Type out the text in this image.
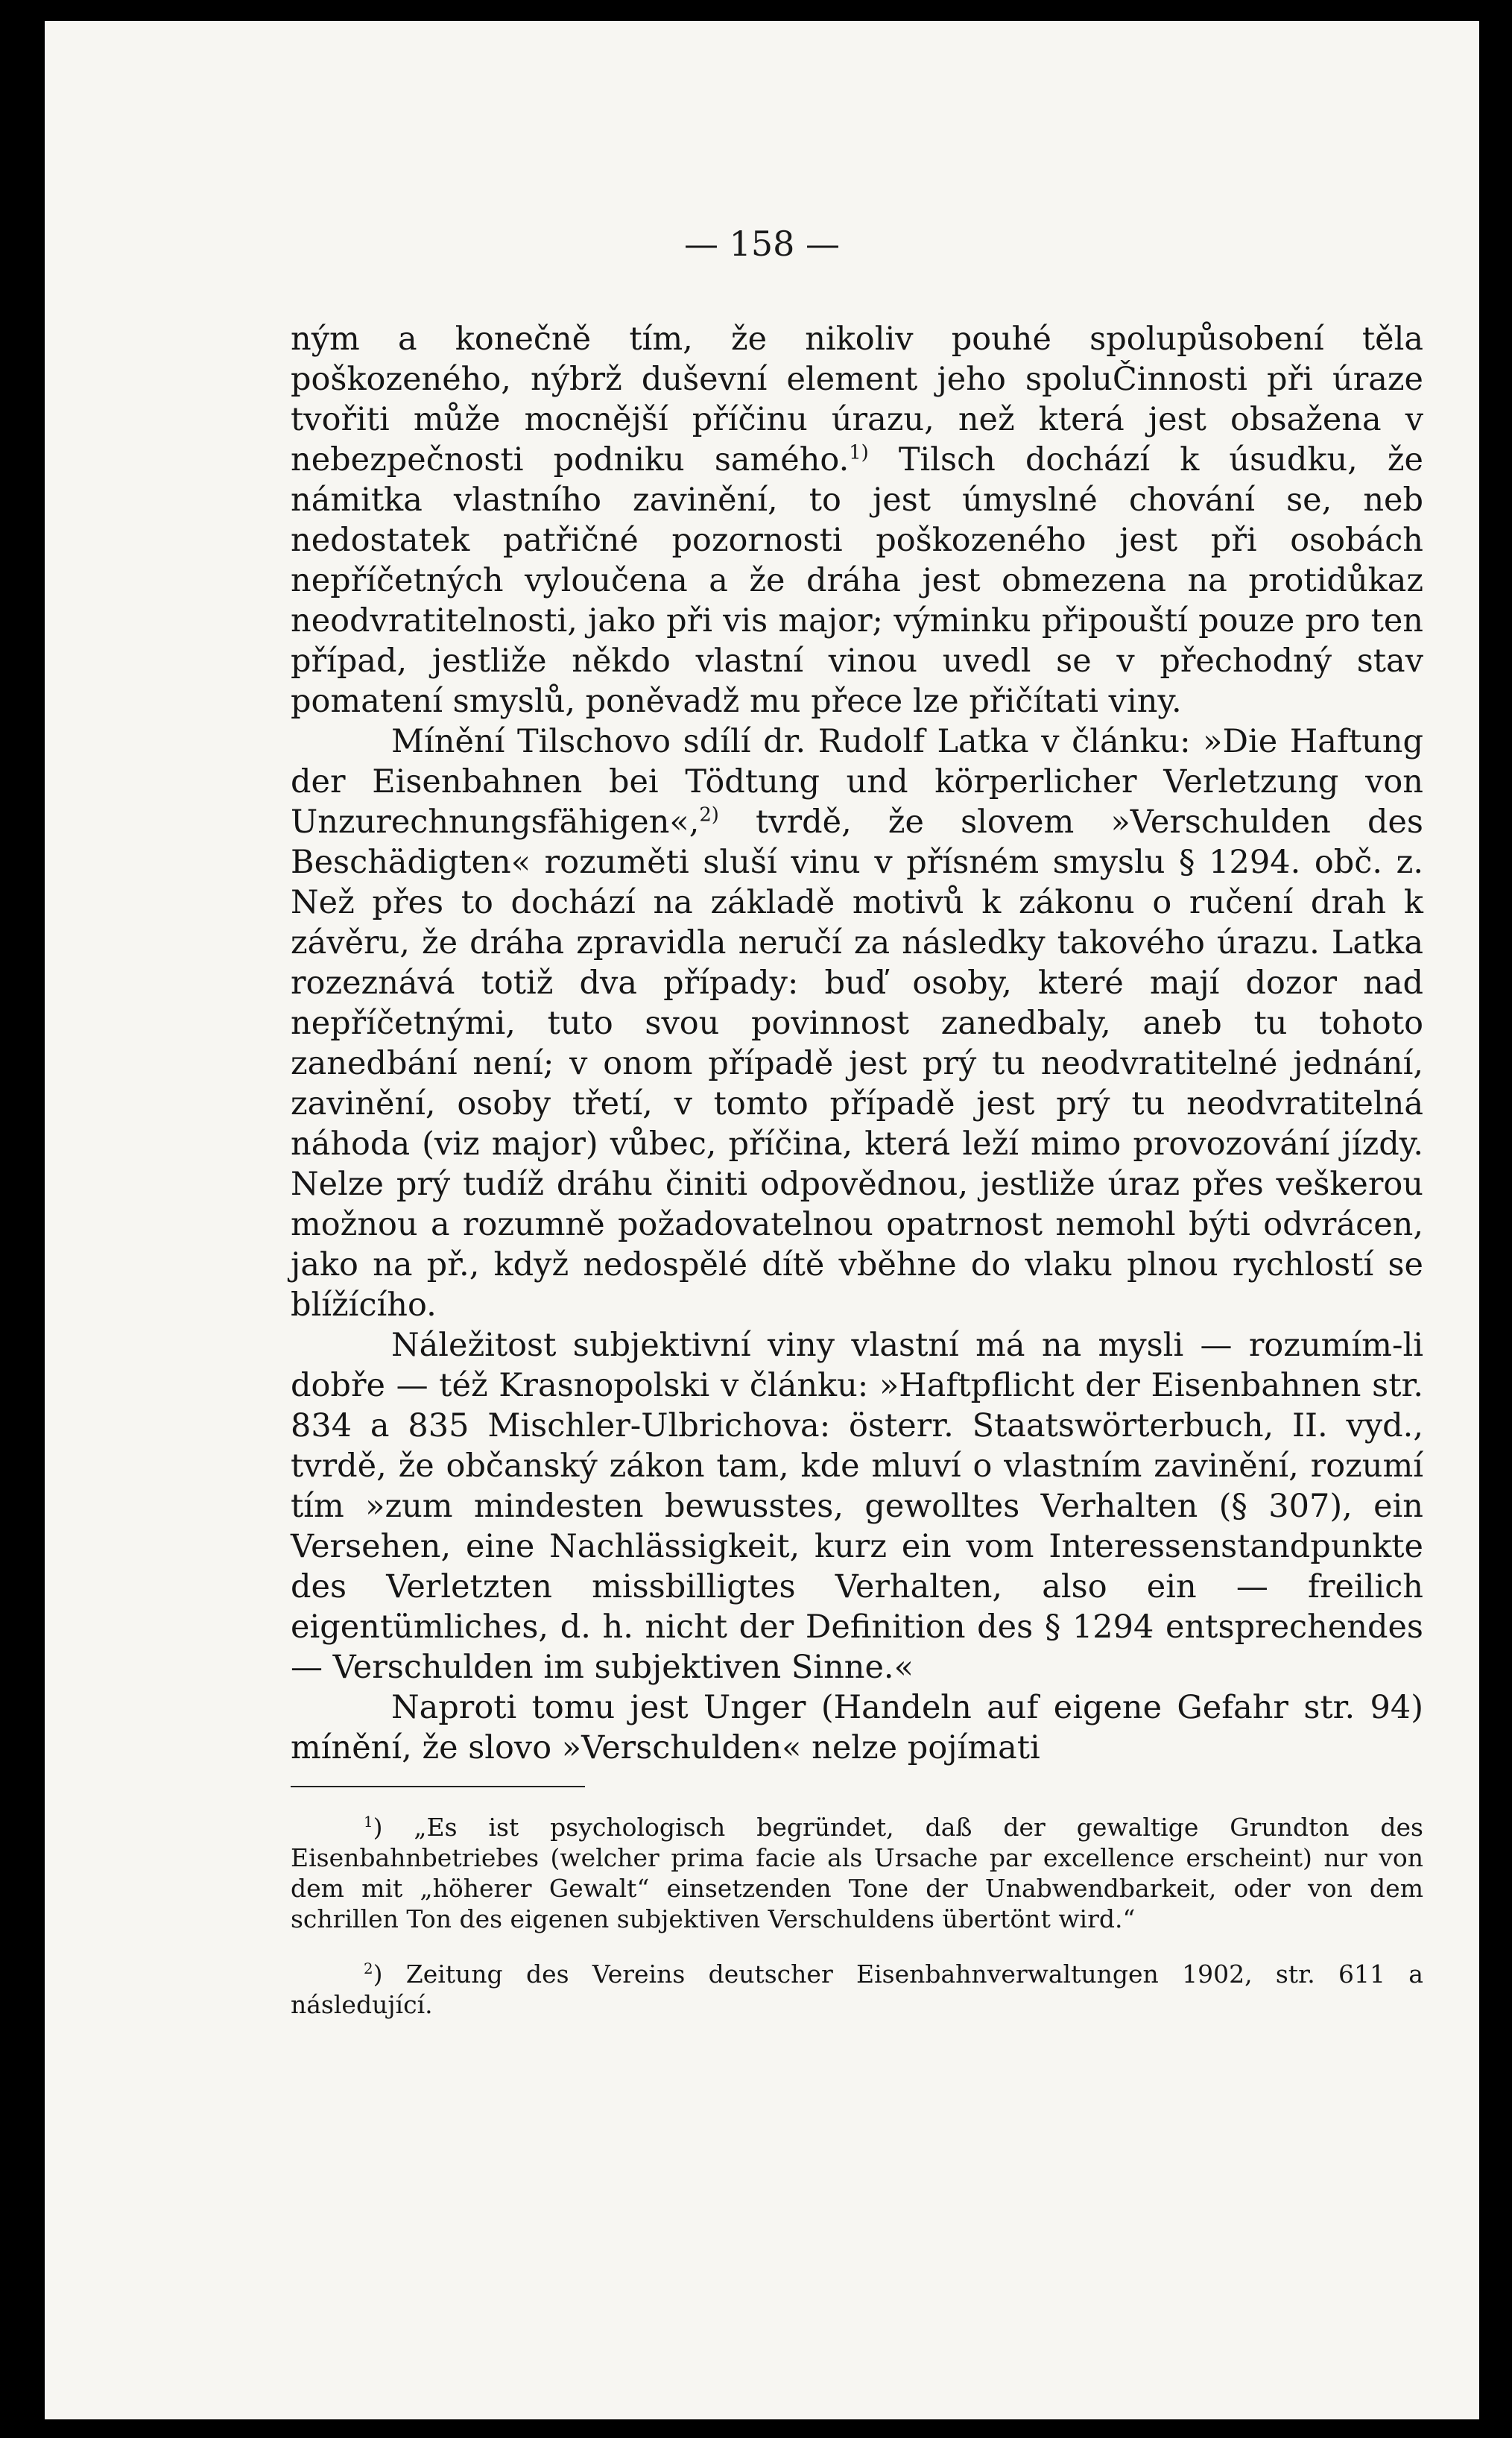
— 158 —

ným a konečně tím, že nikoliv pouhé spolupůsobení těla poškozeného, nýbrž duševní element jeho spoluČinnosti při úraze tvořiti může mocnější příčinu úrazu, než která jest obsažena v nebezpečnosti podniku samého.$^{1)}$ Tilsch dochází k úsudku, že námitka vlastního zavinění, to jest úmyslné chování se, neb nedostatek patřičné pozornosti poškozeného jest při osobách nepříčetných vyloučena a že dráha jest obmezena na protidůkaz neodvratitelnosti, jako při vis major; výminku připouští pouze pro ten případ, jestliže někdo vlastní vinou uvedl se v přechodný stav pomatení smyslů, poněvadž mu přece lze přičítati viny.

Mínění Tilschovo sdílí dr. Rudolf Latka v článku: »Die Haftung der Eisenbahnen bei Tödtung und körperlicher Verletzung von Unzurechnungsfähigen«,$^{2)}$ tvrdě, že slovem »Verschulden des Beschädigten« rozuměti sluší vinu v přísném smyslu § 1294. obč. z. Než přes to dochází na základě motivů k zákonu o ručení drah k závěru, že dráha zpravidla neručí za následky takového úrazu. Latka rozeznává totiž dva případy: buď osoby, které mají dozor nad nepříčetnými, tuto svou povinnost zanedbaly, aneb tu tohoto zanedbání není; v onom případě jest prý tu neodvratitelné jednání, zavinění, osoby třetí, v tomto případě jest prý tu neodvratitelná náhoda (viz major) vůbec, příčina, která leží mimo provozování jízdy. Nelze prý tudíž dráhu činiti odpovědnou, jestliže úraz přes veškerou možnou a rozumně požadovatelnou opatrnost nemohl býti odvrácen, jako na př., když nedospělé dítě vběhne do vlaku plnou rychlostí se blížícího.

Náležitost subjektivní viny vlastní má na mysli — rozumím-li dobře — též Krasnopolski v článku: »Haftpflicht der Eisenbahnen str. 834 a 835 Mischler-Ulbrichova: österr. Staatswörterbuch, II. vyd., tvrdě, že občanský zákon tam, kde mluví o vlastním zavinění, rozumí tím »zum mindesten bewusstes, gewolltes Verhalten (§ 307), ein Versehen, eine Nachlässigkeit, kurz ein vom Interessenstandpunkte des Verletzten missbilligtes Verhalten, also ein — freilich eigentümliches, d. h. nicht der Definition des § 1294 entsprechendes — Verschulden im subjektiven Sinne.«

Naproti tomu jest Unger (Handeln auf eigene Gefahr str. 94) mínění, že slovo »Verschulden« nelze pojímati

$^1$) „Es ist psychologisch begründet, daß der gewaltige Grundton des Eisenbahnbetriebes (welcher prima facie als Ursache par excellence erscheint) nur von dem mit „höherer Gewalt“ einsetzenden Tone der Unabwendbarkeit, oder von dem schrillen Ton des eigenen subjektiven Verschuldens übertönt wird.“

$^2$) Zeitung des Vereins deutscher Eisenbahnverwaltungen 1902, str. 611 a následující.
